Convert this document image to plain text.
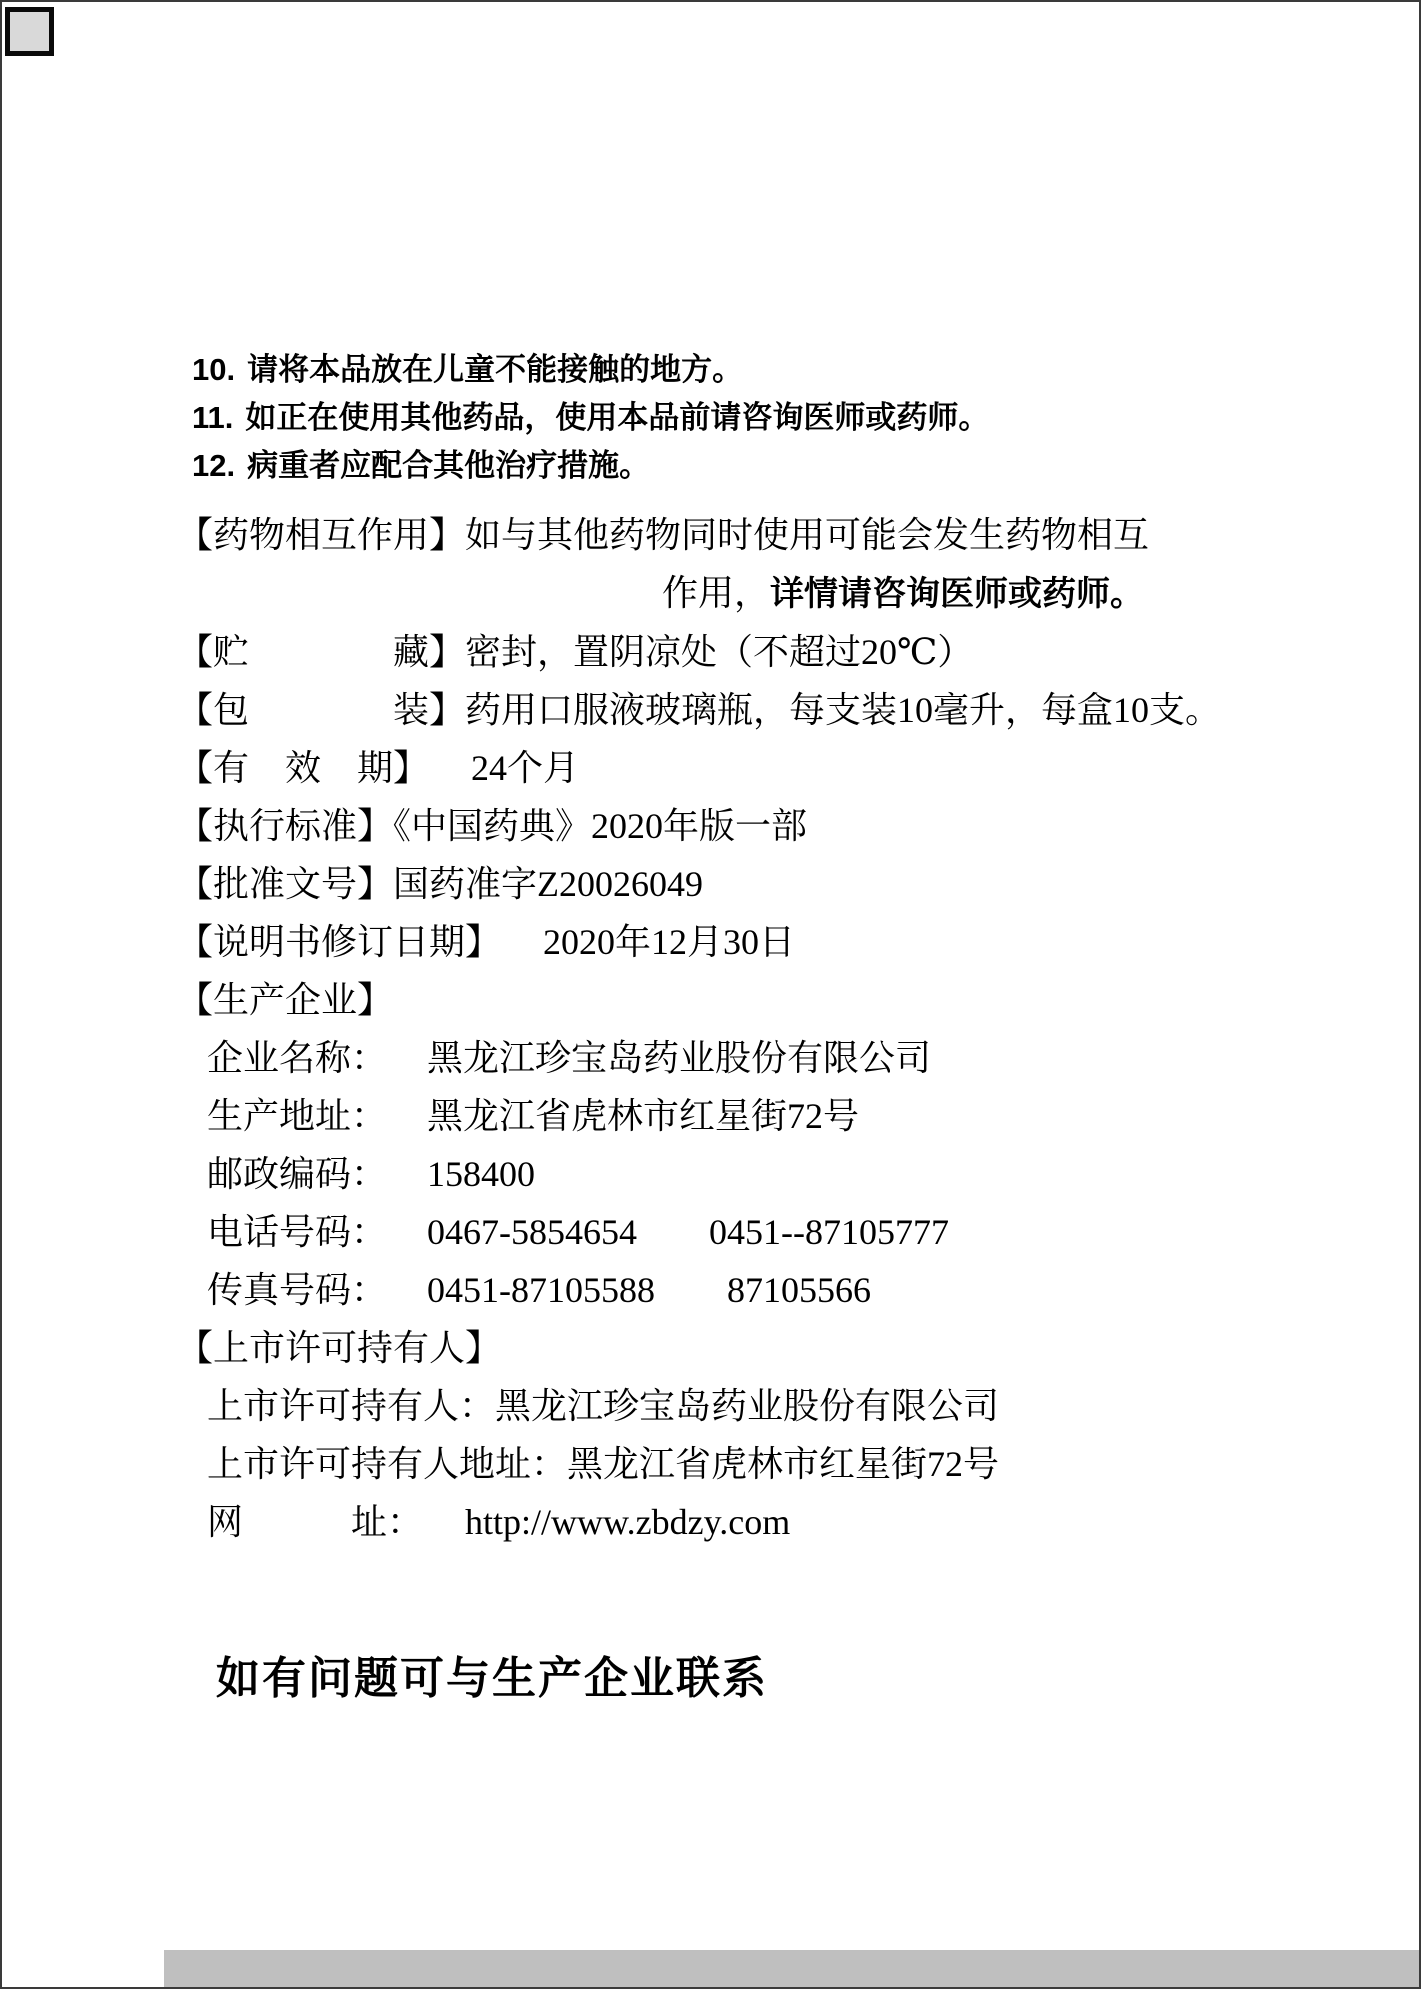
10. 请将本品放在儿童不能接触的地方。
11. 如正在使用其他药品，使用本品前请咨询医师或药师。
12. 病重者应配合其他治疗措施。
【药物相互作用】如与其他药物同时使用可能会发生药物相互
作用，详情请咨询医师或药师。
【贮　　　　藏】密封，置阴凉处（不超过20℃）
【包　　　　装】药用口服液玻璃瓶，每支装10毫升，每盒10支。
【有　效　期】 24个月
【执行标准】《中国药典》2020年版一部
【批准文号】国药准字Z20026049
【说明书修订日期】 2020年12月30日
【生产企业】
企业名称： 黑龙江珍宝岛药业股份有限公司
生产地址： 黑龙江省虎林市红星街72号
邮政编码： 158400
电话号码： 0467-5854654　　0451--87105777
传真号码： 0451-87105588　　87105566
【上市许可持有人】
上市许可持有人：黑龙江珍宝岛药业股份有限公司
上市许可持有人地址：黑龙江省虎林市红星街72号
网　　　址： http://www.zbdzy.com
如有问题可与生产企业联系
